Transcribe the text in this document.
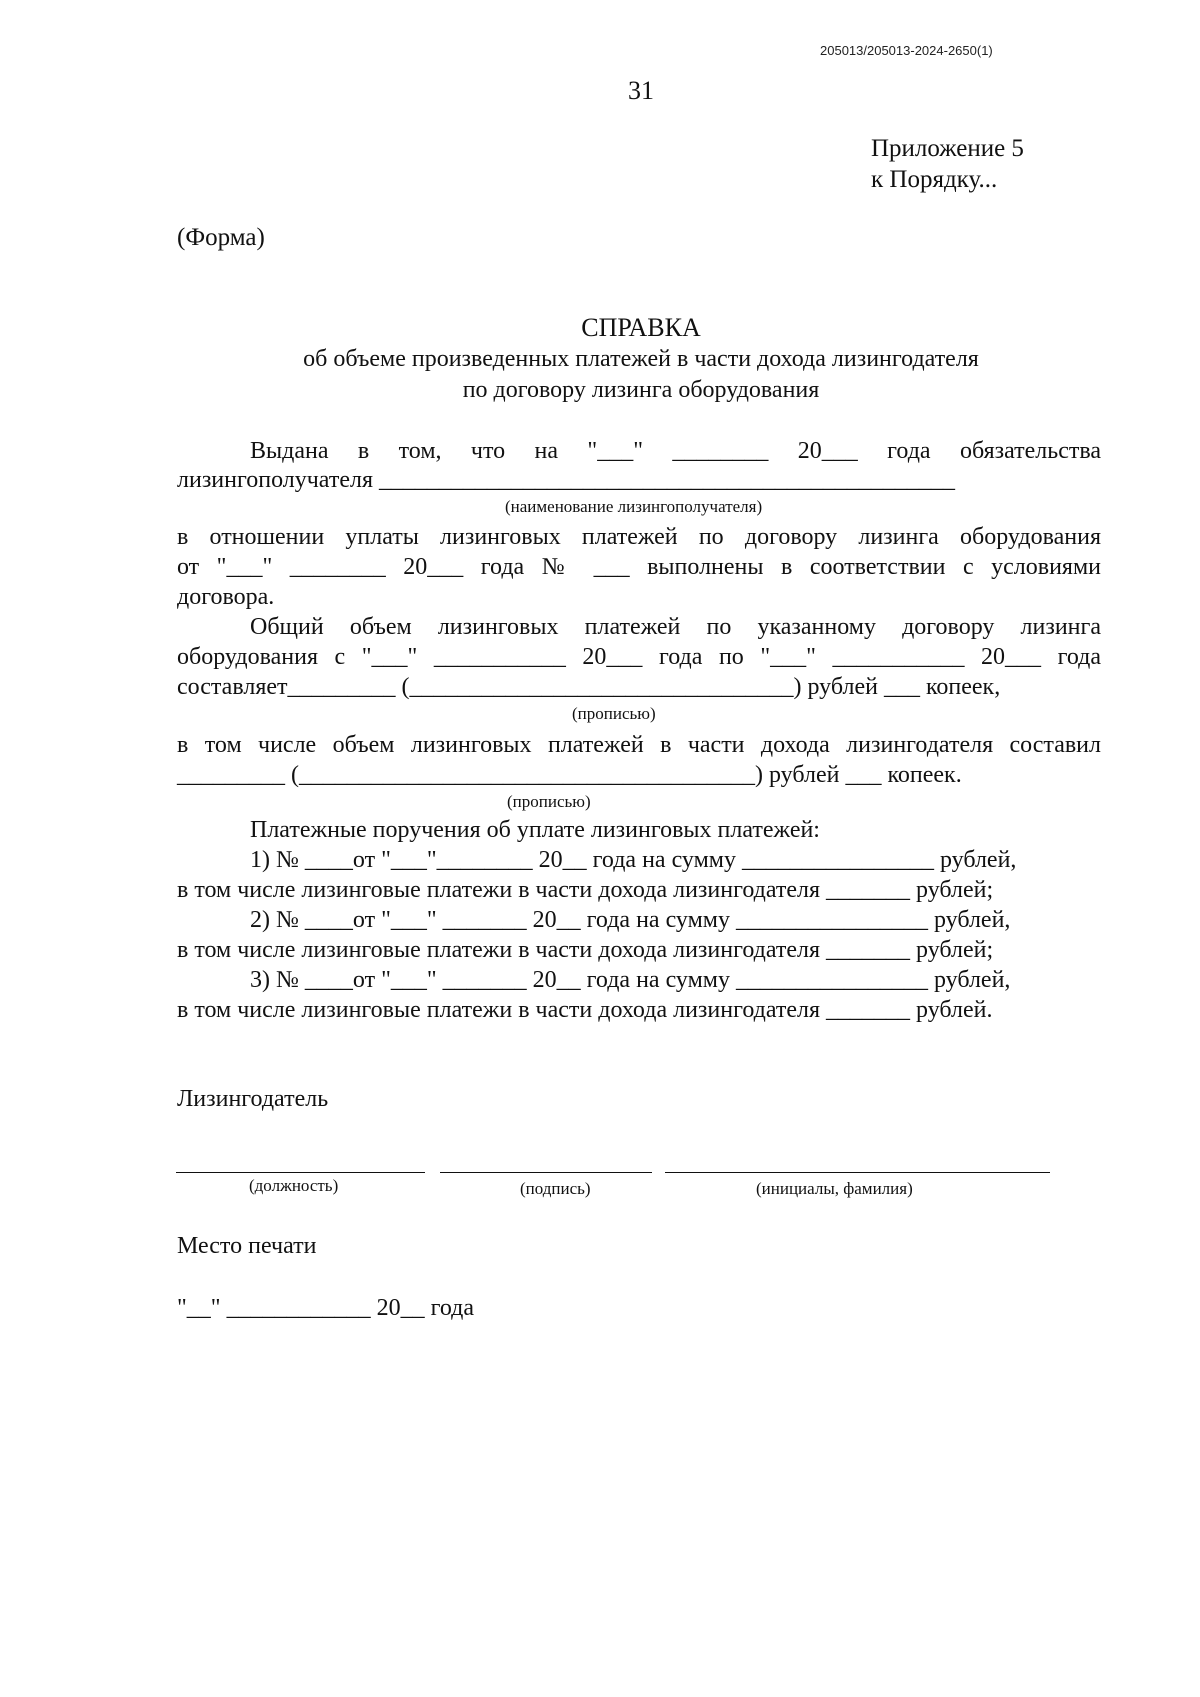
205013/205013-2024-2650(1)
31
Приложение 5
к Порядку...
(Форма)
СПРАВКА
об объеме произведенных платежей в части дохода лизингодателя
по договору лизинга оборудования
Выдана в том, что на "___" ________ 20___ года обязательства
лизингополучателя ________________________________________________
(наименование лизингополучателя)
в отношении уплаты лизинговых платежей по договору лизинга оборудования
от "___" ________ 20___ года № ___ выполнены в соответствии с условиями
договора.
Общий объем лизинговых платежей по указанному договору лизинга
оборудования с "___" ___________ 20___ года по "___" ___________ 20___ года
составляет_________ (________________________________) рублей ___ копеек,
(прописью)
в том числе объем лизинговых платежей в части дохода лизингодателя составил
_________ (______________________________________) рублей ___ копеек.
(прописью)
Платежные поручения об уплате лизинговых платежей:
1) № ____от "___"________ 20__ года на сумму ________________ рублей,
в том числе лизинговые платежи в части дохода лизингодателя _______ рублей;
2) № ____от "___" _______ 20__ года на сумму ________________ рублей,
в том числе лизинговые платежи в части дохода лизингодателя _______ рублей;
3) № ____от "___" _______ 20__ года на сумму ________________ рублей,
в том числе лизинговые платежи в части дохода лизингодателя _______ рублей.
Лизингодатель
(должность)	(подпись)	(инициалы, фамилия)
Место печати
"__" ____________ 20__ года
